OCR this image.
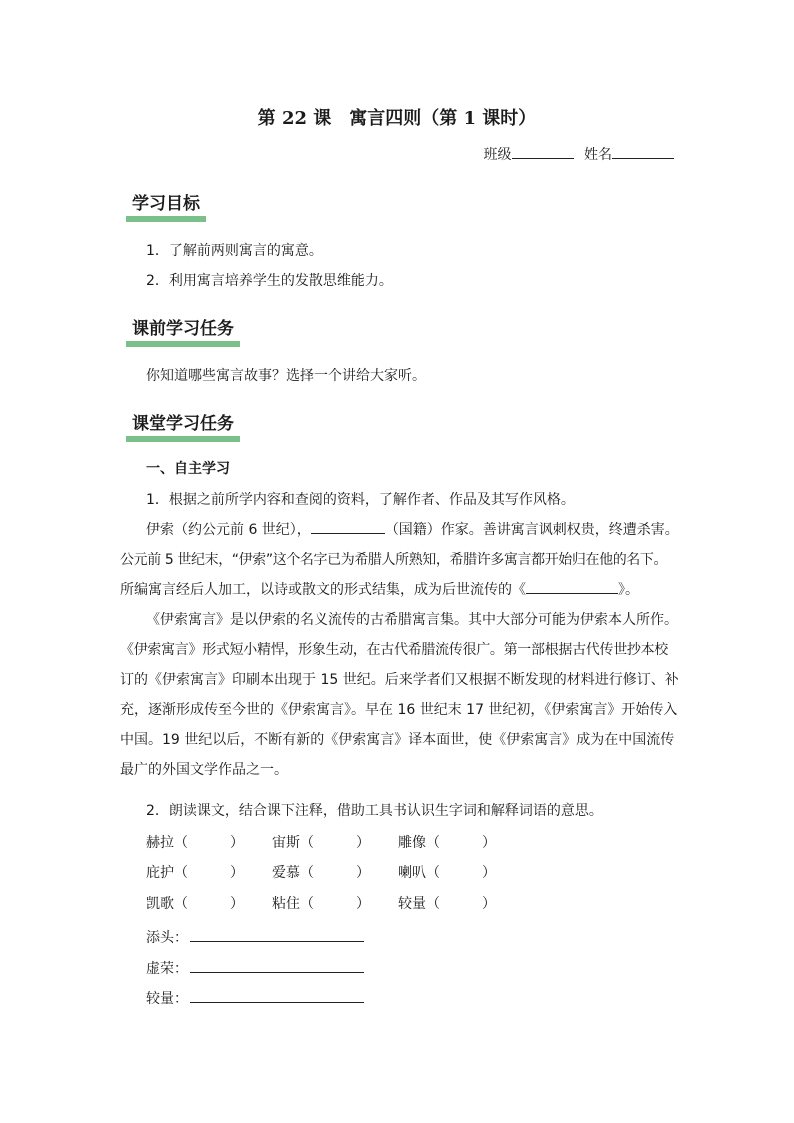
第 22 课　寓言四则（第 1 课时）
班级	姓名
学习目标
1．了解前两则寓言的寓意。
2．利用寓言培养学生的发散思维能力。
课前学习任务
你知道哪些寓言故事？选择一个讲给大家听。
课堂学习任务
一、自主学习
1．根据之前所学内容和查阅的资料，了解作者、作品及其写作风格。
伊索（约公元前 6 世纪），	（国籍）作家。善讲寓言讽刺权贵，终遭杀害。
公元前 5 世纪末，“伊索”这个名字已为希腊人所熟知，希腊许多寓言都开始归在他的名下。
所编寓言经后人加工，以诗或散文的形式结集，成为后世流传的《	》。
《伊索寓言》是以伊索的名义流传的古希腊寓言集。其中大部分可能为伊索本人所作。
《伊索寓言》形式短小精悍，形象生动，在古代希腊流传很广。第一部根据古代传世抄本校
订的《伊索寓言》印刷本出现于 15 世纪。后来学者们又根据不断发现的材料进行修订、补
充，逐渐形成传至今世的《伊索寓言》。早在 16 世纪末 17 世纪初，《伊索寓言》开始传入
中国。19 世纪以后，不断有新的《伊索寓言》译本面世，使《伊索寓言》成为在中国流传
最广的外国文学作品之一。
2．朗读课文，结合课下注释，借助工具书认识生字词和解释词语的意思。
赫拉（　　　） 宙斯（　　　） 雕像（　　　）
庇护（　　　） 爱慕（　　　） 喇叭（　　　）
凯歌（　　　） 粘住（　　　） 较量（　　　）
添头：
虚荣：
较量：
